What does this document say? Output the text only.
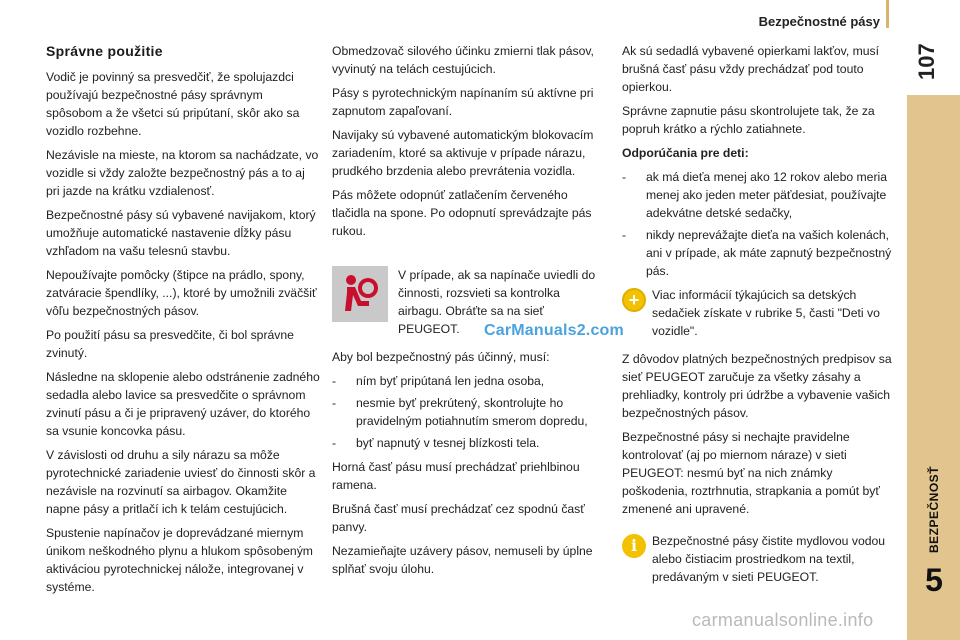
Bezpečnostné pásy
107
BEZPEČNOSŤ
5
Správne použitie

Vodič je povinný sa presvedčiť, že spolujazdci používajú bezpečnostné pásy správnym spôsobom a že všetci sú pripútaní, skôr ako sa vozidlo rozbehne.

Nezávisle na mieste, na ktorom sa nachádzate, vo vozidle si vždy založte bezpečnostný pás a to aj pri jazde na krátku vzdialenosť.

Bezpečnostné pásy sú vybavené navijakom, ktorý umožňuje automatické nastavenie dĺžky pásu vzhľadom na vašu telesnú stavbu.

Nepoužívajte pomôcky (štipce na prádlo, spony, zatváracie špendlíky, ...), ktoré by umožnili zväčšiť vôľu bezpečnostných pásov.

Po použití pásu sa presvedčite, či bol správne zvinutý.

Následne na sklopenie alebo odstránenie zadného sedadla alebo lavice sa presvedčite o správnom zvinutí pásu a či je pripravený uzáver, do ktorého sa vsunie koncovka pásu.

V závislosti od druhu a sily nárazu sa môže pyrotechnické zariadenie uviesť do činnosti skôr a nezávisle na rozvinutí sa airbagov. Okamžite napne pásy a pritlačí ich k telám cestujúcich.

Spustenie napínačov je doprevádzané miernym únikom neškodného plynu a hlukom spôsobeným aktiváciou pyrotechnickej nálože, integrovanej v systéme.

Obmedzovač silového účinku zmierni tlak pásov, vyvinutý na telách cestujúcich.

Pásy s pyrotechnickým napínaním sú aktívne pri zapnutom zapaľovaní.

Navijaky sú vybavené automatickým blokovacím zariadením, ktoré sa aktivuje v prípade nárazu, prudkého brzdenia alebo prevrátenia vozidla.

Pás môžete odopnúť zatlačením červeného tlačidla na spone. Po odopnutí sprevádzajte pás rukou.

V prípade, ak sa napínače uviedli do činnosti, rozsvieti sa kontrolka airbagu. Obráťte sa na sieť PEUGEOT.

Aby bol bezpečnostný pás účinný, musí:

- ním byť pripútaná len jedna osoba,
- nesmie byť prekrútený, skontrolujte ho pravidelným potiahnutím smerom dopredu,
- byť napnutý v tesnej blízkosti tela.

Horná časť pásu musí prechádzať priehlbinou ramena.

Brušná časť musí prechádzať cez spodnú časť panvy.

Nezamieňajte uzávery pásov, nemuseli by úplne splňať svoju úlohu.

Ak sú sedadlá vybavené opierkami lakťov, musí brušná časť pásu vždy prechádzať pod touto opierkou.

Správne zapnutie pásu skontrolujete tak, že za popruh krátko a rýchlo zatiahnete.

Odporúčania pre deti:

- ak má dieťa menej ako 12 rokov alebo meria menej ako jeden meter päťdesiat, používajte adekvátne detské sedačky,
- nikdy neprevážajte dieťa na vašich kolenách, ani v prípade, ak máte zapnutý bezpečnostný pás.
+	Viac informácií týkajúcich sa detských sedačiek získate v rubrike 5, časti "Deti vo vozidle".

Z dôvodov platných bezpečnostných predpisov sa sieť PEUGEOT zaručuje za všetky zásahy a prehliadky, kontroly pri údržbe a vybavenie vašich bezpečnostných pásov.

Bezpečnostné pásy si nechajte pravidelne kontrolovať (aj po miernom náraze) v sieti PEUGEOT: nesmú byť na nich známky poškodenia, roztrhnutia, strapkania a pomút byť zmenené ani upravené.

i	Bezpečnostné pásy čistite mydlovou vodou alebo čistiacim prostriedkom na textil, predávaným v sieti PEUGEOT.

CarManuals2.com
carmanualsonline.info
